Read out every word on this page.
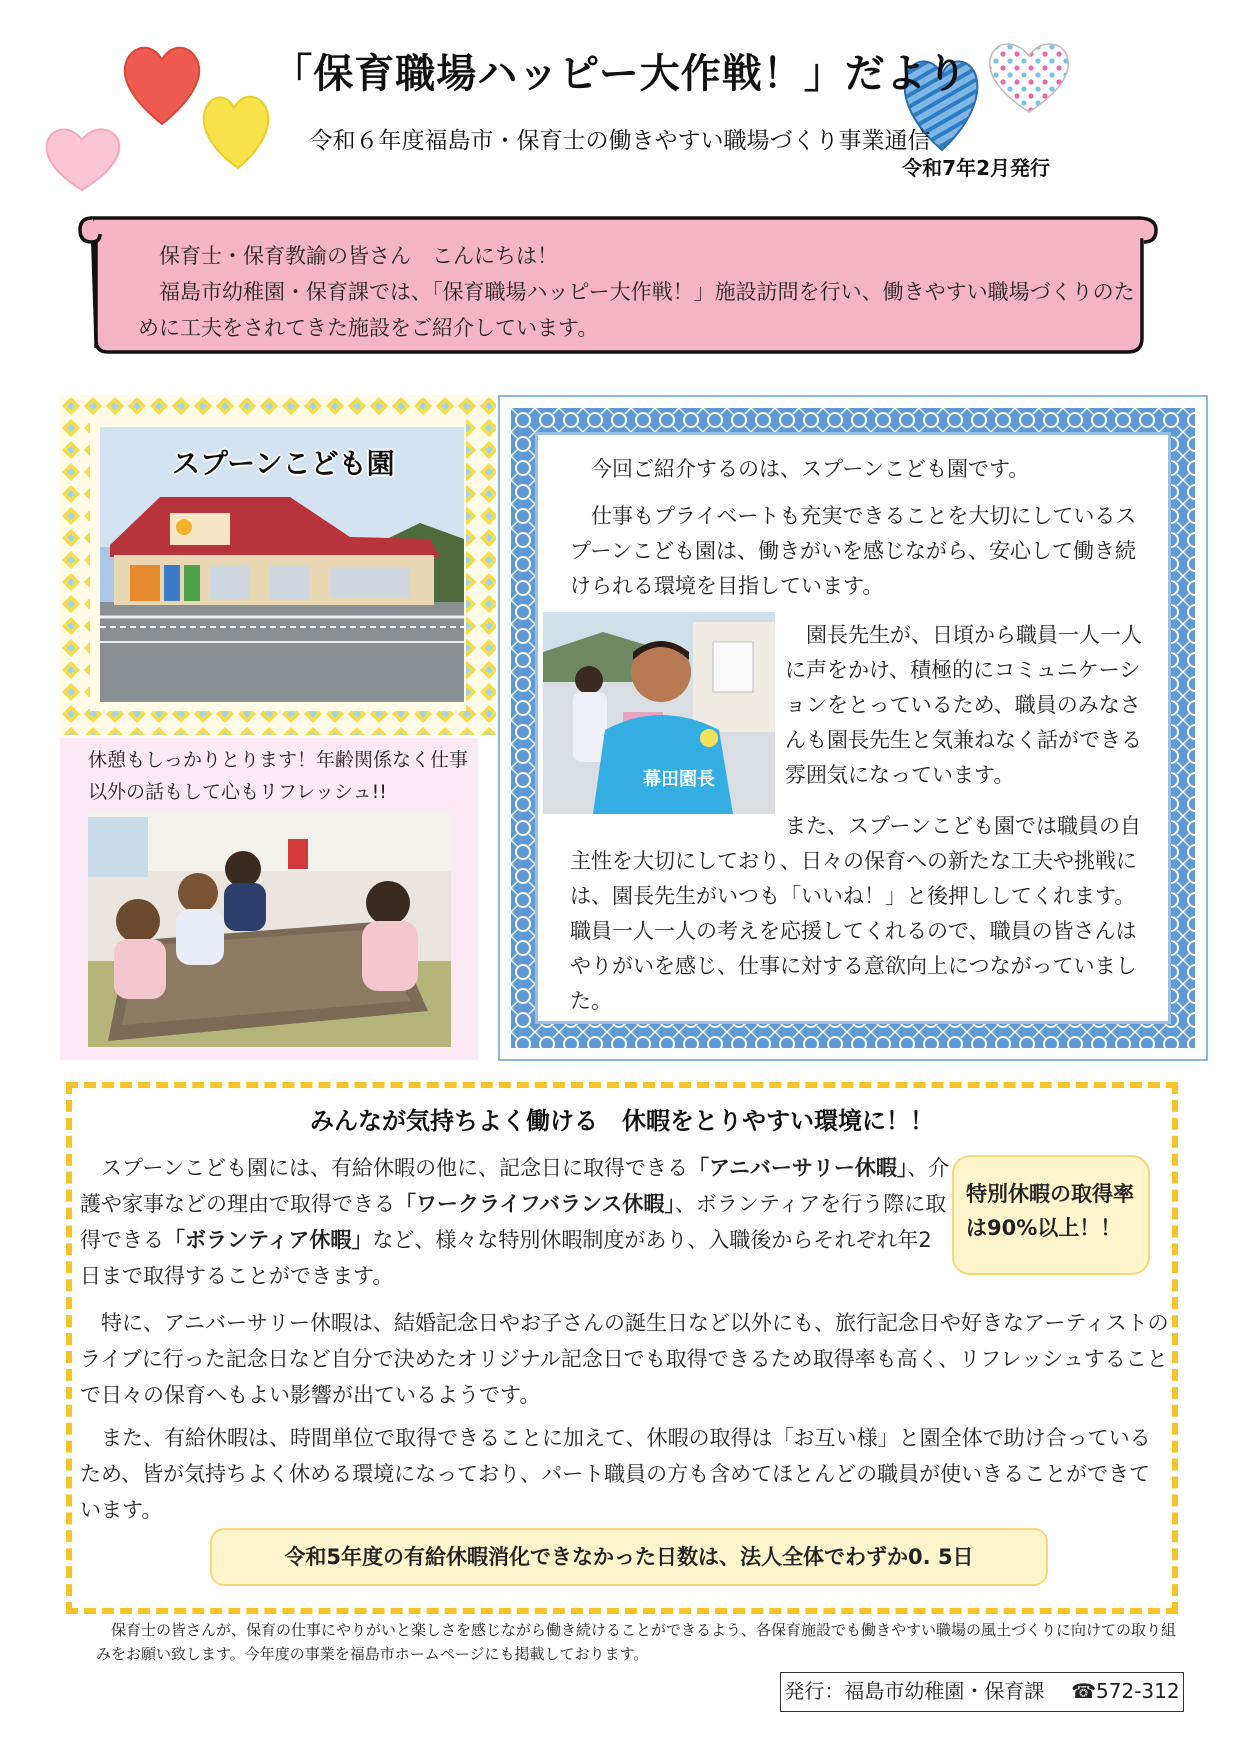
「保育職場ハッピー大作戦！」だより
令和６年度福島市・保育士の働きやすい職場づくり事業通信
令和7年2月発行

保育士・保育教諭の皆さん　こんにちは！

福島市幼稚園・保育課では、「保育職場ハッピー大作戦！」施設訪問を行い、働きやすい職場づくりのために工夫をされてきた施設をご紹介しています。

スプーンこども園

休憩もしっかりとります！年齢関係なく仕事以外の話もして心もリフレッシュ!!

今回ご紹介するのは、スプーンこども園です。

仕事もプライベートも充実できることを大切にしているスプーンこども園は、働きがいを感じながら、安心して働き続けられる環境を目指しています。

幕田園長

園長先生が、日頃から職員一人一人に声をかけ、積極的にコミュニケーションをとっているため、職員のみなさんも園長先生と気兼ねなく話ができる雰囲気になっています。

また、スプーンこども園では職員の自主性を大切にしており、日々の保育への新たな工夫や挑戦には、園長先生がいつも「いいね！」と後押ししてくれます。職員一人一人の考えを応援してくれるので、職員の皆さんはやりがいを感じ、仕事に対する意欲向上につながっていました。

みんなが気持ちよく働ける　休暇をとりやすい環境に！！

スプーンこども園には、有給休暇の他に、記念日に取得できる「アニバーサリー休暇」、介護や家事などの理由で取得できる「ワークライフバランス休暇」、ボランティアを行う際に取得できる「ボランティア休暇」など、様々な特別休暇制度があり、入職後からそれぞれ年2日まで取得することができます。

特別休暇の取得率

は90%以上！！

特に、アニバーサリー休暇は、結婚記念日やお子さんの誕生日など以外にも、旅行記念日や好きなアーティストのライブに行った記念日など自分で決めたオリジナル記念日でも取得できるため取得率も高く、リフレッシュすることで日々の保育へもよい影響が出ているようです。

また、有給休暇は、時間単位で取得できることに加えて、休暇の取得は「お互い様」と園全体で助け合っているため、皆が気持ちよく休める環境になっており、パート職員の方も含めてほとんどの職員が使いきることができています。

令和5年度の有給休暇消化できなかった日数は、法人全体でわずか0. 5日

保育士の皆さんが、保育の仕事にやりがいと楽しさを感じながら働き続けることができるよう、各保育施設でも働きやすい職場の風土づくりに向けての取り組みをお願い致します。今年度の事業を福島市ホームページにも掲載しております。

発行：福島市幼稚園・保育課 ☎572-312
